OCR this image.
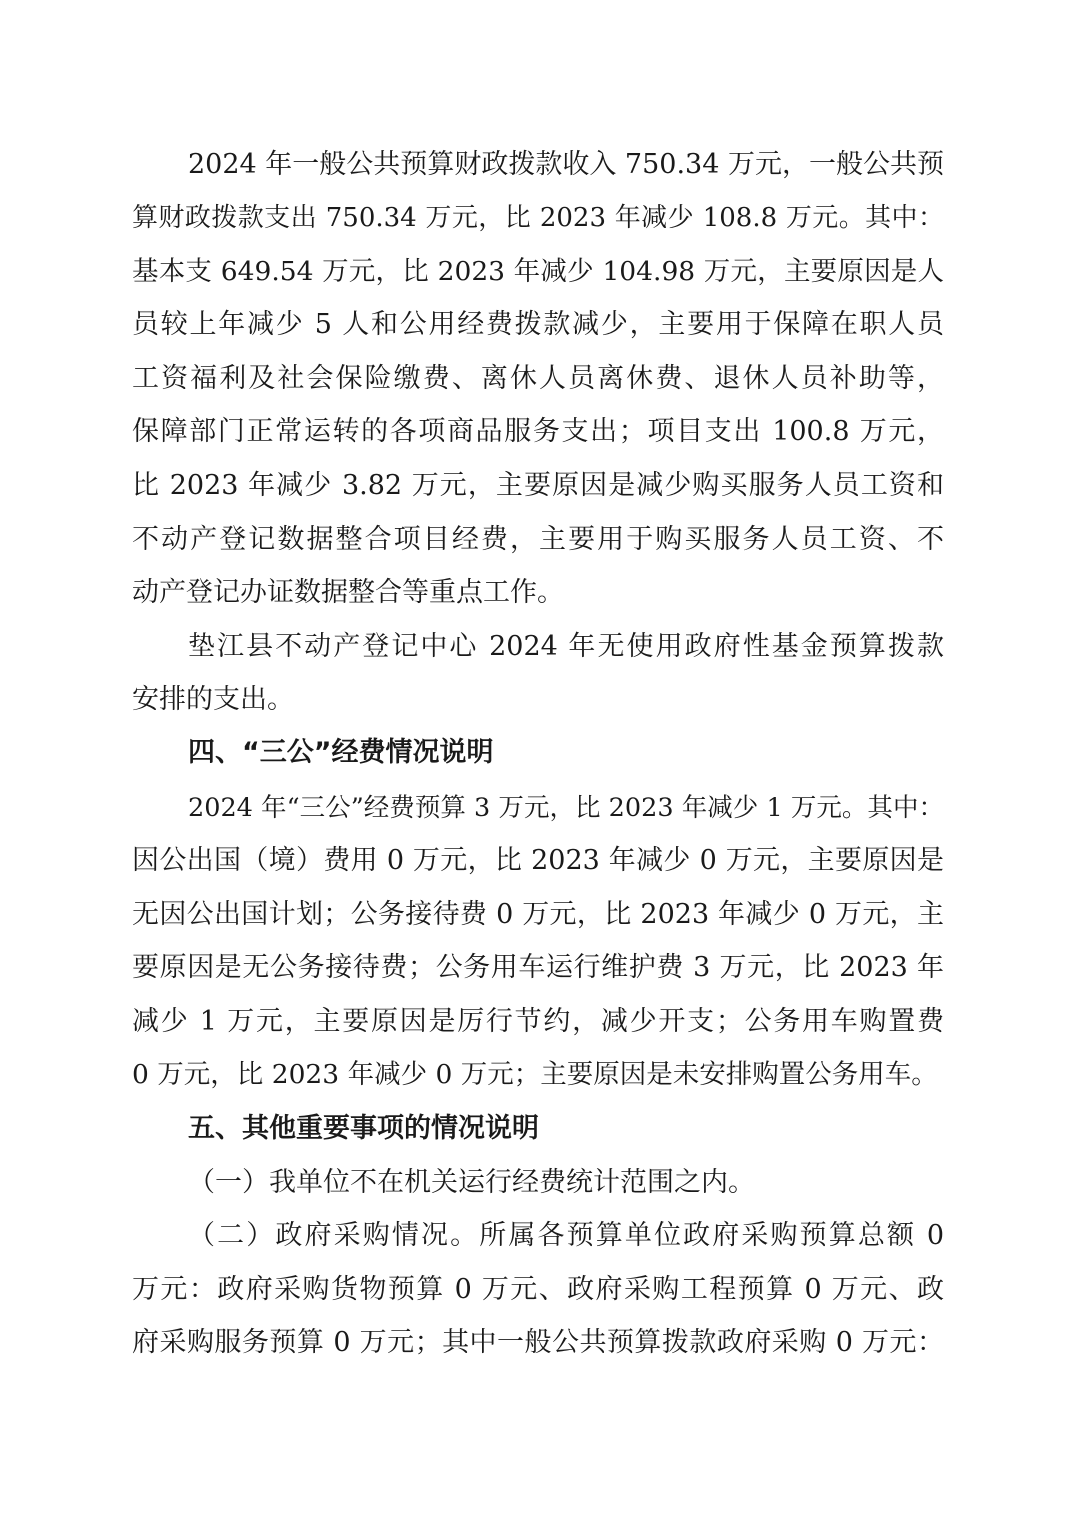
2024 年一般公共预算财政拨款收入 750.34 万元，一般公共预
算财政拨款支出 750.34 万元，比 2023 年减少 108.8 万元。其中：
基本支 649.54 万元，比 2023 年减少 104.98 万元，主要原因是人
员较上年减少 5 人和公用经费拨款减少，主要用于保障在职人员
工资福利及社会保险缴费、离休人员离休费、退休人员补助等，
保障部门正常运转的各项商品服务支出；项目支出 100.8 万元，
比 2023 年减少 3.82 万元，主要原因是减少购买服务人员工资和
不动产登记数据整合项目经费，主要用于购买服务人员工资、不
动产登记办证数据整合等重点工作。
垫江县不动产登记中心 2024 年无使用政府性基金预算拨款
安排的支出。
四、“三公”经费情况说明
2024 年“三公”经费预算 3 万元，比 2023 年减少 1 万元。其中：
因公出国（境）费用 0 万元，比 2023 年减少 0 万元，主要原因是
无因公出国计划；公务接待费 0 万元，比 2023 年减少 0 万元，主
要原因是无公务接待费；公务用车运行维护费 3 万元，比 2023 年
减少 1 万元，主要原因是厉行节约，减少开支；公务用车购置费
0 万元，比 2023 年减少 0 万元；主要原因是未安排购置公务用车。
五、其他重要事项的情况说明
（一）我单位不在机关运行经费统计范围之内。
（二）政府采购情况。所属各预算单位政府采购预算总额 0
万元：政府采购货物预算 0 万元、政府采购工程预算 0 万元、政
府采购服务预算 0 万元；其中一般公共预算拨款政府采购 0 万元：
